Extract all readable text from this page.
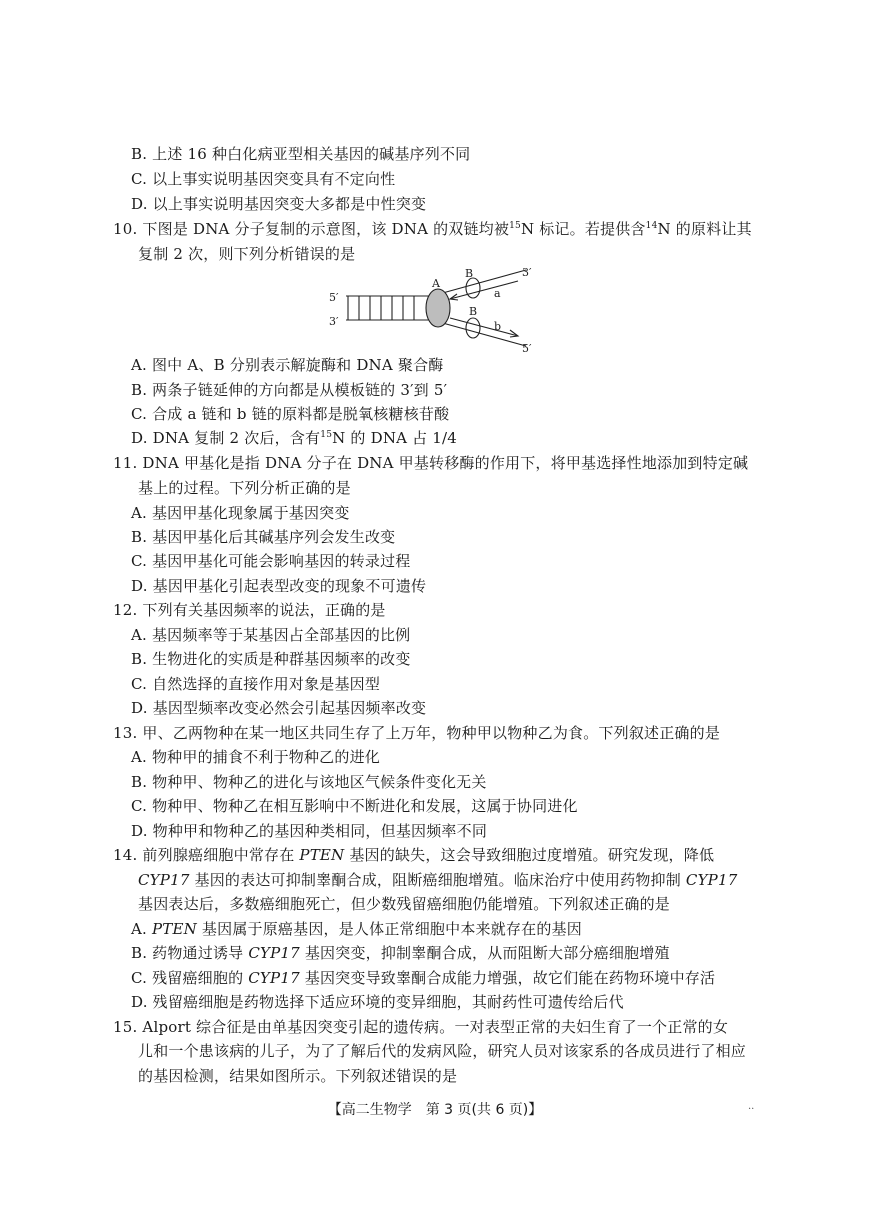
B. 上述 16 种白化病亚型相关基因的碱基序列不同
C. 以上事实说明基因突变具有不定向性
D. 以上事实说明基因突变大多都是中性突变
10. 下图是 DNA 分子复制的示意图，该 DNA 的双链均被$^{15}$N 标记。若提供含$^{14}$N 的原料让其
复制 2 次，则下列分析错误的是
5′
3′
A
B
B
a
b
3′
5′
A. 图中 A、B 分别表示解旋酶和 DNA 聚合酶
B. 两条子链延伸的方向都是从模板链的 3′到 5′
C. 合成 a 链和 b 链的原料都是脱氧核糖核苷酸
D. DNA 复制 2 次后，含有$^{15}$N 的 DNA 占 1/4
11. DNA 甲基化是指 DNA 分子在 DNA 甲基转移酶的作用下，将甲基选择性地添加到特定碱
基上的过程。下列分析正确的是
A. 基因甲基化现象属于基因突变
B. 基因甲基化后其碱基序列会发生改变
C. 基因甲基化可能会影响基因的转录过程
D. 基因甲基化引起表型改变的现象不可遗传
12. 下列有关基因频率的说法，正确的是
A. 基因频率等于某基因占全部基因的比例
B. 生物进化的实质是种群基因频率的改变
C. 自然选择的直接作用对象是基因型
D. 基因型频率改变必然会引起基因频率改变
13. 甲、乙两物种在某一地区共同生存了上万年，物种甲以物种乙为食。下列叙述正确的是
A. 物种甲的捕食不利于物种乙的进化
B. 物种甲、物种乙的进化与该地区气候条件变化无关
C. 物种甲、物种乙在相互影响中不断进化和发展，这属于协同进化
D. 物种甲和物种乙的基因种类相同，但基因频率不同
14. 前列腺癌细胞中常存在 PTEN 基因的缺失，这会导致细胞过度增殖。研究发现，降低
CYP17 基因的表达可抑制睾酮合成，阻断癌细胞增殖。临床治疗中使用药物抑制 CYP17
基因表达后，多数癌细胞死亡，但少数残留癌细胞仍能增殖。下列叙述正确的是
A. PTEN 基因属于原癌基因，是人体正常细胞中本来就存在的基因
B. 药物通过诱导 CYP17 基因突变，抑制睾酮合成，从而阻断大部分癌细胞增殖
C. 残留癌细胞的 CYP17 基因突变导致睾酮合成能力增强，故它们能在药物环境中存活
D. 残留癌细胞是药物选择下适应环境的变异细胞，其耐药性可遗传给后代
15. Alport 综合征是由单基因突变引起的遗传病。一对表型正常的夫妇生育了一个正常的女
儿和一个患该病的儿子，为了了解后代的发病风险，研究人员对该家系的各成员进行了相应
的基因检测，结果如图所示。下列叙述错误的是
【高二生物学　第 3 页(共 6 页)】	..
